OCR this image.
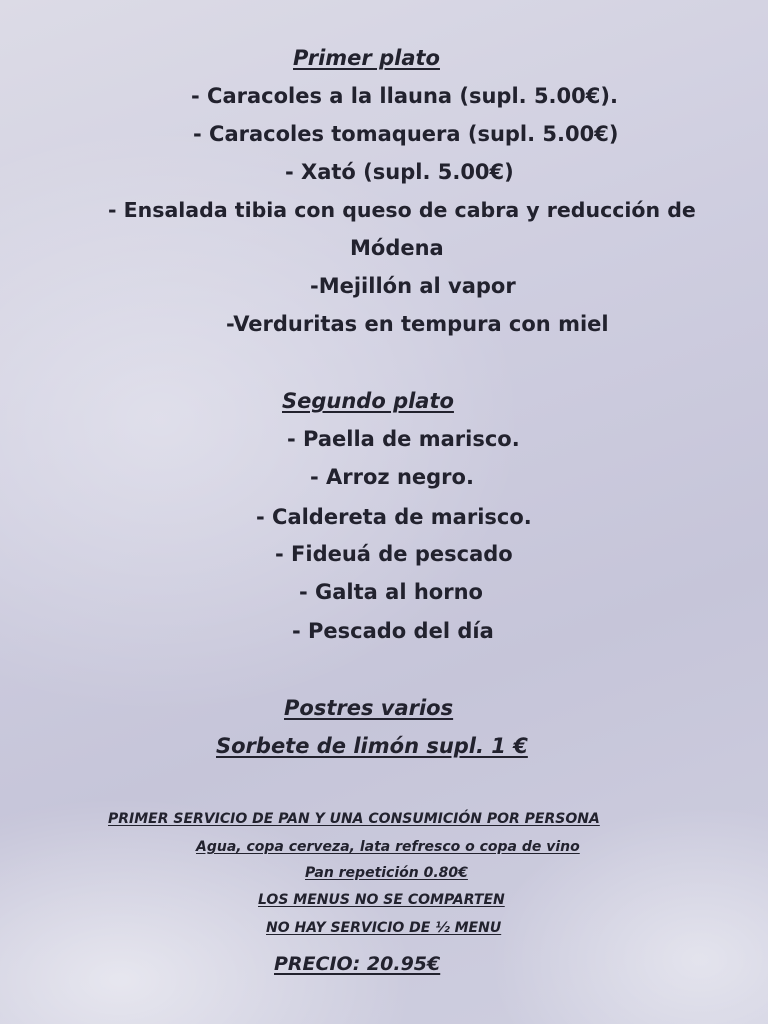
Primer plato
- Caracoles a la llauna (supl. 5.00€).
- Caracoles tomaquera (supl. 5.00€)
- Xató (supl. 5.00€)
- Ensalada tibia con queso de cabra y reducción de
Módena
-Mejillón al vapor
-Verduritas en tempura con miel
Segundo plato
- Paella de marisco.
- Arroz negro.
- Caldereta de marisco.
- Fideuá de pescado
- Galta al horno
- Pescado del día
Postres varios
Sorbete de limón supl. 1 €
PRIMER SERVICIO DE PAN Y UNA CONSUMICIÓN POR PERSONA
Agua, copa cerveza, lata refresco o copa de vino
Pan repetición 0.80€
LOS MENUS NO SE COMPARTEN
NO HAY SERVICIO DE ½ MENU
PRECIO: 20.95€
